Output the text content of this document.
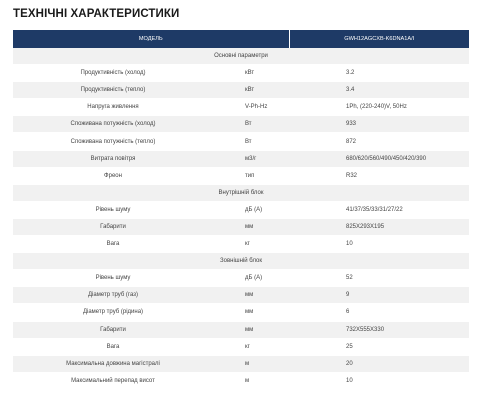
ТЕХНІЧНІ ХАРАКТЕРИСТИКИ
МОДЕЛЬ		GWH12AGCXB-K6DNA1A/I
Основні параметри		
Продуктивність (холод)	кВт	3.2
Продуктивність (тепло)	кВт	3.4
Напруга живлення	V-Ph-Hz	1Ph, (220-240)V, 50Hz
Споживана потужність (холод)	Вт	933
Споживана потужність (тепло)	Вт	872
Витрата повітря	м3/г	680/620/560/490/450/420/390
Фреон	тип	R32
Внутрішній блок		
Рівень шуму	дБ (А)	41/37/35/33/31/27/22
Габарити	мм	825X293X195
Вага	кг	10
Зовнішній блок		
Рівень шуму	дБ (А)	52
Діаметр труб (газ)	мм	9
Діаметр труб (рідина)	мм	6
Габарити	мм	732X555X330
Вага	кг	25
Максимальна довжина магістралі	м	20
Максимальний перепад висот	м	10
